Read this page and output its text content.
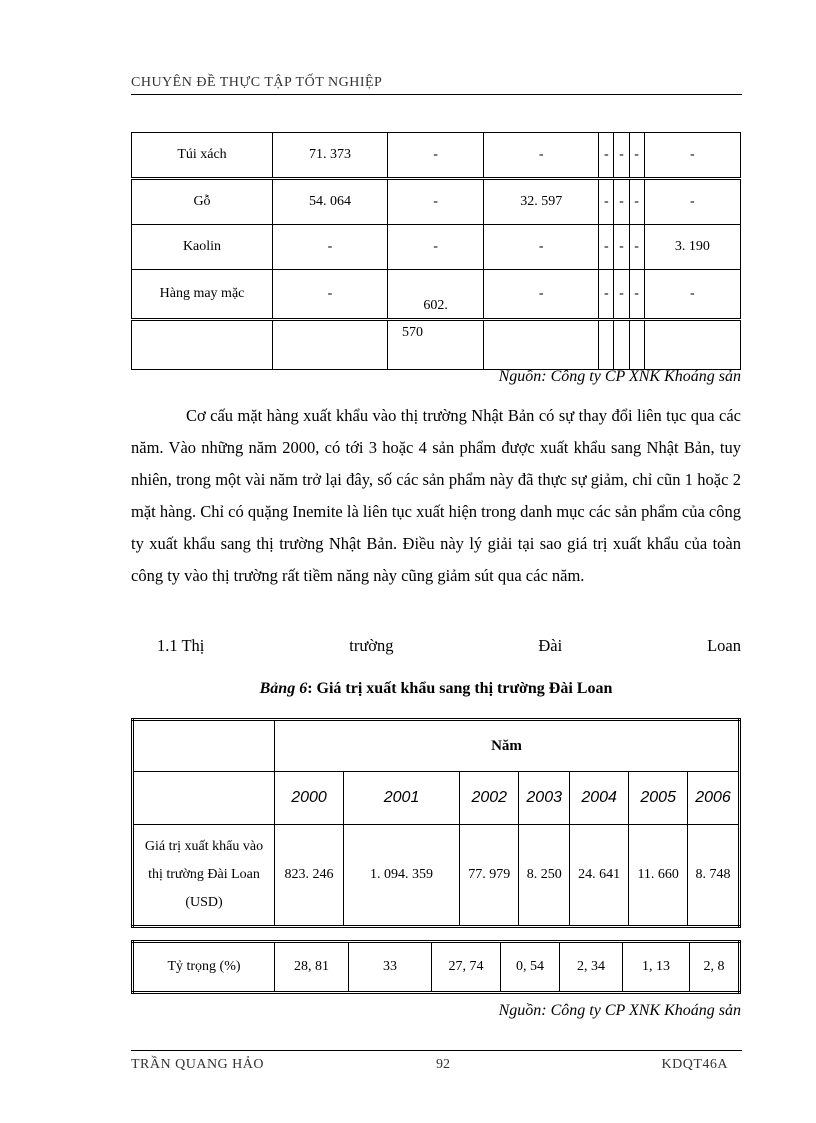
CHUYÊN ĐỀ THỰC TẬP TỐT NGHIỆP
Túi xách	71. 373	-	-	-	-	-	-
Gỗ	54. 064	-	32. 597	-	-	-	-
Kaolin	-	-	-	-	-	-	3. 190
Hàng may mặc	-	602.	-	-	-	-	-
		570					
Nguồn: Công ty CP XNK Khoáng sản

Cơ cấu mặt hàng xuất khẩu vào thị trường Nhật Bản có sự thay đổi liên tục qua các năm. Vào những năm 2000, có tới 3 hoặc 4 sản phẩm được xuất khẩu sang Nhật Bản, tuy nhiên, trong một vài năm trở lại đây, số các sản phẩm này đã thực sự giảm, chỉ cũn 1 hoặc 2 mặt hàng. Chỉ có quặng Inemite là liên tục xuất hiện trong danh mục các sản phẩm của công ty xuất khẩu sang thị trường Nhật Bản. Điều này lý giải tại sao giá trị xuất khẩu của toàn công ty vào thị trường rất tiềm năng này cũng giảm sút qua các năm.

1.1 Thị	trường	Đài	Loan
Bảng 6: Giá trị xuất khẩu sang thị trường Đài Loan
	Năm						
	2000	2001	2002	2003	2004	2005	2006
Giá trị xuất khẩu vào thị trường Đài Loan (USD)	823. 246	1. 094. 359	77. 979	8. 250	24. 641	11. 660	8. 748
Tỷ trọng (%)	28, 81	33	27, 74	0, 54	2, 34	1, 13	2, 8
Nguồn: Công ty CP XNK Khoáng sản
TRẦN QUANG HẢO	92	KDQT46A
